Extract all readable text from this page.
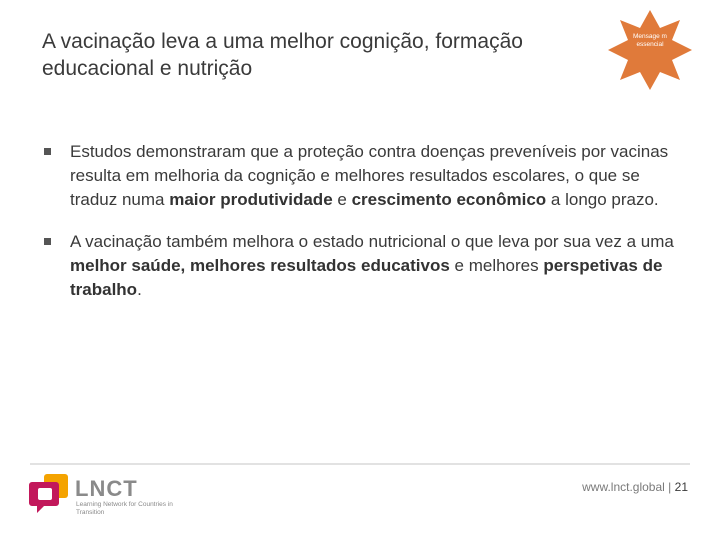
A vacinação leva a uma melhor cognição, formação educacional e nutrição
Mensage m essencial
Estudos demonstraram que a proteção contra doenças preveníveis por vacinas resulta em melhoria da cognição e melhores resultados escolares, o que se traduz numa maior produtividade e crescimento econômico a longo prazo.
A vacinação também melhora o estado nutricional o que leva por sua vez a uma melhor saúde, melhores resultados educativos e melhores perspetivas de trabalho.
LNCT
Learning Network for Countries in Transition
www.lnct.global | 21
